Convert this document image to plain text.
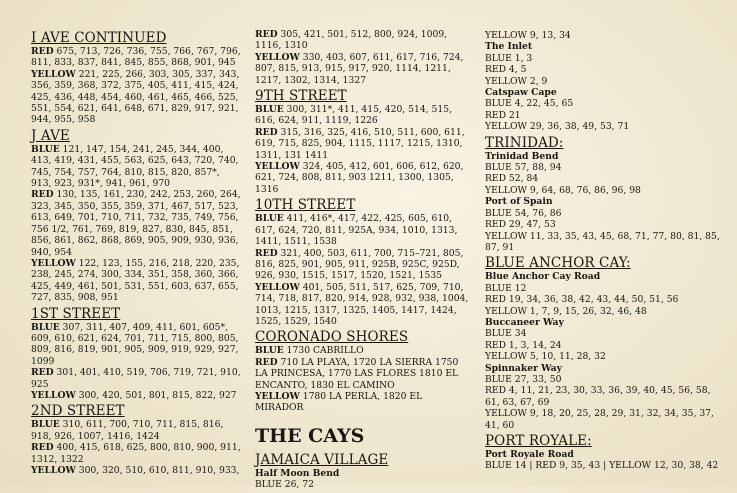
I AVE CONTINUED

RED 675, 713, 726, 736, 755, 766, 767, 796, 811, 833, 837, 841, 845, 855, 868, 901, 945

YELLOW 221, 225, 266, 303, 305, 337, 343, 356, 359, 368, 372, 375, 405, 411, 415, 424, 425, 436, 448, 454, 460, 461, 465, 466, 525, 551, 554, 621, 641, 648, 671, 829, 917, 921, 944, 955, 958

J AVE

BLUE 121, 147, 154, 241, 245, 344, 400, 413, 419, 431, 455, 563, 625, 643, 720, 740, 745, 754, 757, 764, 810, 815, 820, 857*, 913, 923, 931*, 941, 961, 970

RED 130, 135, 161, 230, 242, 253, 260, 264, 323, 345, 350, 355, 359, 371, 467, 517, 523, 613, 649, 701, 710, 711, 732, 735, 749, 756, 756 1/2, 761, 769, 819, 827, 830, 845, 851, 856, 861, 862, 868, 869, 905, 909, 930, 936, 940, 954

YELLOW 122, 123, 155, 216, 218, 220, 235, 238, 245, 274, 300, 334, 351, 358, 360, 366, 425, 449, 461, 501, 531, 551, 603, 637, 655, 727, 835, 908, 951

1ST STREET

BLUE 307, 311, 407, 409, 411, 601, 605*, 609, 610, 621, 624, 701, 711, 715, 800, 805, 809, 816, 819, 901, 905, 909, 919, 929, 927, 1099

RED 301, 401, 410, 519, 706, 719, 721, 910, 925

YELLOW 300, 420, 501, 801, 815, 822, 927

2ND STREET

BLUE 310, 611, 700, 710, 711, 815, 816, 918, 926, 1007, 1416, 1424

RED 400, 415, 618, 625, 800, 810, 900, 911, 1312, 1322

YELLOW 300, 320, 510, 610, 811, 910, 933,

RED 305, 421, 501, 512, 800, 924, 1009, 1116, 1310

YELLOW 330, 403, 607, 611, 617, 716, 724, 807, 815, 913, 915, 917, 920, 1114, 1211, 1217, 1302, 1314, 1327

9TH STREET

BLUE 300, 311*, 411, 415, 420, 514, 515, 616, 624, 911, 1119, 1226

RED 315, 316, 325, 416, 510, 511, 600, 611, 619, 715, 825, 904, 1115, 1117, 1215, 1310, 1311, 131 1411

YELLOW 324, 405, 412, 601, 606, 612, 620, 621, 724, 808, 811, 903 1211, 1300, 1305, 1316

10TH STREET

BLUE 411, 416*, 417, 422, 425, 605, 610, 617, 624, 720, 811, 925A, 934, 1010, 1313, 1411, 1511, 1538

RED 321, 400, 503, 611, 700, 715–721, 805, 816, 825, 901, 905, 911, 925B, 925C, 925D, 926, 930, 1515, 1517, 1520, 1521, 1535

YELLOW 401, 505, 511, 517, 625, 709, 710, 714, 718, 817, 820, 914, 928, 932, 938, 1004, 1013, 1215, 1317, 1325, 1405, 1417, 1424, 1525, 1529, 1540

CORONADO SHORES

BLUE 1730 CABRILLO

RED 710 LA PLAYA, 1720 LA SIERRA 1750 LA PRINCESA, 1770 LAS FLORES 1810 EL ENCANTO, 1830 EL CAMINO

YELLOW 1780 LA PERLA, 1820 EL MIRADOR

THE CAYS
JAMAICA VILLAGE
Half Moon Bend

BLUE 26, 72

YELLOW 9, 13, 34

The Inlet

BLUE 1, 3

RED 4, 5

YELLOW 2, 9

Catspaw Cape

BLUE 4, 22, 45, 65

RED 21

YELLOW 29, 36, 38, 49, 53, 71

TRINIDAD:
Trinidad Bend

BLUE 57, 88, 94

RED 52, 84

YELLOW 9, 64, 68, 76, 86, 96, 98

Port of Spain

BLUE 54, 76, 86

RED 29, 47, 53

YELLOW 11, 33, 35, 43, 45, 68, 71, 77, 80, 81, 85, 87, 91

BLUE ANCHOR CAY:
Blue Anchor Cay Road

BLUE 12

RED 19, 34, 36, 38, 42, 43, 44, 50, 51, 56

YELLOW 1, 7, 9, 15, 26, 32, 46, 48

Buccaneer Way

BLUE 34

RED 1, 3, 14, 24

YELLOW 5, 10, 11, 28, 32

Spinnaker Way

BLUE 27, 33, 50

RED 4, 11, 21, 23, 30, 33, 36, 39, 40, 45, 56, 58, 61, 63, 67, 69

YELLOW 9, 18, 20, 25, 28, 29, 31, 32, 34, 35, 37, 41, 60

PORT ROYALE:
Port Royale Road

BLUE 14 | RED 9, 35, 43 | YELLOW 12, 30, 38, 42
